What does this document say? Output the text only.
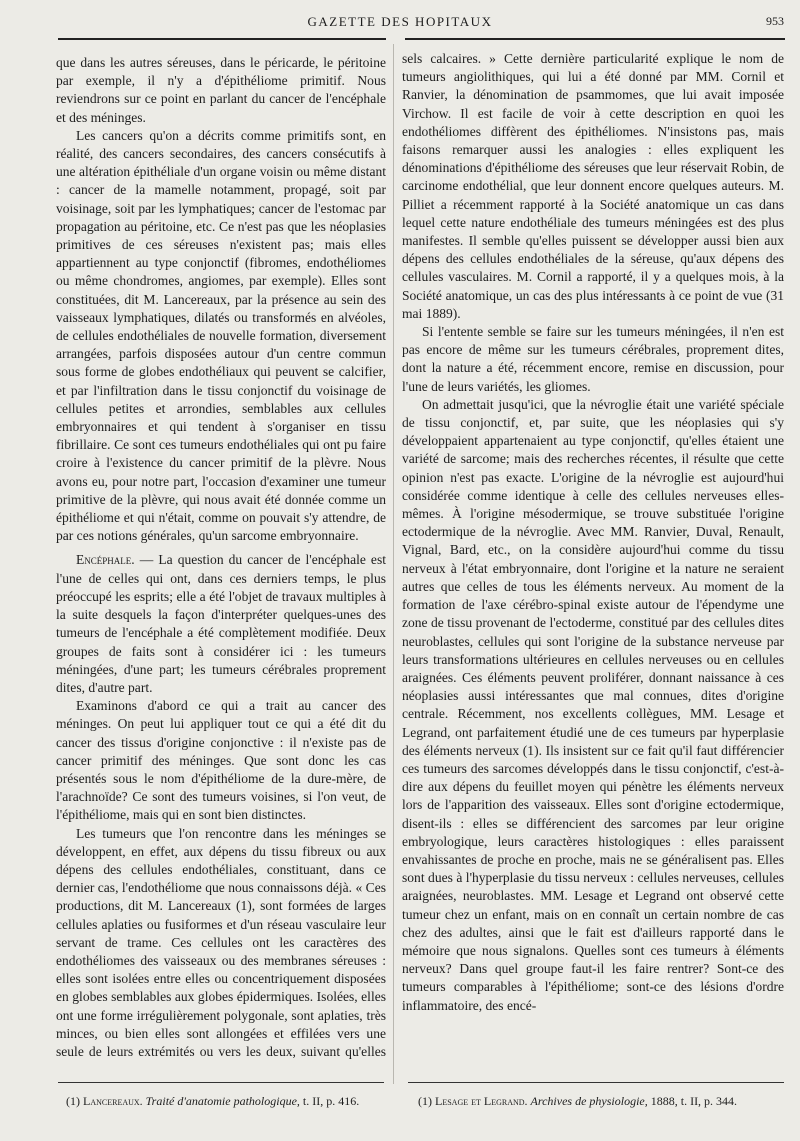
GAZETTE DES HOPITAUX	953

que dans les autres séreuses, dans le péricarde, le péritoine par exemple, il n'y a d'épithéliome primitif. Nous reviendrons sur ce point en parlant du cancer de l'encéphale et des méninges.

Les cancers qu'on a décrits comme primitifs sont, en réalité, des cancers secondaires, des cancers consécutifs à une altération épithéliale d'un organe voisin ou même distant : cancer de la mamelle notamment, propagé, soit par voisinage, soit par les lymphatiques; cancer de l'estomac par propagation au péritoine, etc. Ce n'est pas que les néoplasies primitives de ces séreuses n'existent pas; mais elles appartiennent au type conjonctif (fibromes, endothéliomes ou même chondromes, angiomes, par exemple). Elles sont constituées, dit M. Lancereaux, par la présence au sein des vaisseaux lymphatiques, dilatés ou transformés en alvéoles, de cellules endothéliales de nouvelle formation, diversement arrangées, parfois disposées autour d'un centre commun sous forme de globes endothéliaux qui peuvent se calcifier, et par l'infiltration dans le tissu conjonctif du voisinage de cellules petites et arrondies, semblables aux cellules embryonnaires et qui tendent à s'organiser en tissu fibrillaire. Ce sont ces tumeurs endothéliales qui ont pu faire croire à l'existence du cancer primitif de la plèvre. Nous avons eu, pour notre part, l'occasion d'examiner une tumeur primitive de la plèvre, qui nous avait été donnée comme un épithéliome et qui n'était, comme on pouvait s'y attendre, de par ces notions générales, qu'un sarcome embryonnaire.

Encéphale. — La question du cancer de l'encéphale est l'une de celles qui ont, dans ces derniers temps, le plus préoccupé les esprits; elle a été l'objet de travaux multiples à la suite desquels la façon d'interpréter quelques-unes des tumeurs de l'encéphale a été complètement modifiée. Deux groupes de faits sont à considérer ici : les tumeurs méningées, d'une part; les tumeurs cérébrales proprement dites, d'autre part.

Examinons d'abord ce qui a trait au cancer des méninges. On peut lui appliquer tout ce qui a été dit du cancer des tissus d'origine conjonctive : il n'existe pas de cancer primitif des méninges. Que sont donc les cas présentés sous le nom d'épithéliome de la dure-mère, de l'arachnoïde? Ce sont des tumeurs voisines, si l'on veut, de l'épithéliome, mais qui en sont bien distinctes.

Les tumeurs que l'on rencontre dans les méninges se développent, en effet, aux dépens du tissu fibreux ou aux dépens des cellules endothéliales, constituant, dans ce dernier cas, l'endothéliome que nous connaissons déjà. « Ces productions, dit M. Lancereaux (1), sont formées de larges cellules aplaties ou fusiformes et d'un réseau vasculaire leur servant de trame. Ces cellules ont les caractères des endothéliomes des vaisseaux ou des membranes séreuses : elles sont isolées entre elles ou concentriquement disposées en globes semblables aux globes épidermiques. Isolées, elles ont une forme irrégulièrement polygonale, sont aplaties, très minces, ou bien elles sont allongées et effilées vers une seule de leurs extrémités ou vers les deux, suivant qu'elles

sels calcaires. » Cette dernière particularité explique le nom de tumeurs angiolithiques, qui lui a été donné par MM. Cornil et Ranvier, la dénomination de psammomes, que lui avait imposée Virchow. Il est facile de voir à cette description en quoi les endothéliomes diffèrent des épithéliomes. N'insistons pas, mais faisons remarquer aussi les analogies : elles expliquent les dénominations d'épithéliome des séreuses que leur réservait Robin, de carcinome endothélial, que leur donnent encore quelques auteurs. M. Pilliet a récemment rapporté à la Société anatomique un cas dans lequel cette nature endothéliale des tumeurs méningées est des plus manifestes. Il semble qu'elles puissent se développer aussi bien aux dépens des cellules endothéliales de la séreuse, qu'aux dépens des cellules vasculaires. M. Cornil a rapporté, il y a quelques mois, à la Société anatomique, un cas des plus intéressants à ce point de vue (31 mai 1889).

Si l'entente semble se faire sur les tumeurs méningées, il n'en est pas encore de même sur les tumeurs cérébrales, proprement dites, dont la nature a été, récemment encore, remise en discussion, pour l'une de leurs variétés, les gliomes.

On admettait jusqu'ici, que la névroglie était une variété spéciale de tissu conjonctif, et, par suite, que les néoplasies qui s'y développaient appartenaient au type conjonctif, qu'elles étaient une variété de sarcome; mais des recherches récentes, il résulte que cette opinion n'est pas exacte. L'origine de la névroglie est aujourd'hui considérée comme identique à celle des cellules nerveuses elles-mêmes. À l'origine mésodermique, se trouve substituée l'origine ectodermique de la névroglie. Avec MM. Ranvier, Duval, Renault, Vignal, Bard, etc., on la considère aujourd'hui comme du tissu nerveux à l'état embryonnaire, dont l'origine et la nature ne seraient autres que celles de tous les éléments nerveux. Au moment de la formation de l'axe cérébro-spinal existe autour de l'épendyme une zone de tissu provenant de l'ectoderme, constitué par des cellules dites neuroblastes, cellules qui sont l'origine de la substance nerveuse par leurs transformations ultérieures en cellules nerveuses ou en cellules araignées. Ces éléments peuvent proliférer, donnant naissance à ces néoplasies aussi intéressantes que mal connues, dites d'origine centrale. Récemment, nos excellents collègues, MM. Lesage et Legrand, ont parfaitement étudié une de ces tumeurs par hyperplasie des éléments nerveux (1). Ils insistent sur ce fait qu'il faut différencier ces tumeurs des sarcomes développés dans le tissu conjonctif, c'est-à-dire aux dépens du feuillet moyen qui pénètre les éléments nerveux lors de l'apparition des vaisseaux. Elles sont d'origine ectodermique, disent-ils : elles se différencient des sarcomes par leur origine embryologique, leurs caractères histologiques : elles paraissent envahissantes de proche en proche, mais ne se généralisent pas. Elles sont dues à l'hyperplasie du tissu nerveux : cellules nerveuses, cellules araignées, neuroblastes. MM. Lesage et Legrand ont observé cette tumeur chez un enfant, mais on en connaît un certain nombre de cas chez des adultes, ainsi que le fait est d'ailleurs rapporté dans le mémoire que nous signalons. Quelles sont ces tumeurs à éléments nerveux? Dans quel groupe faut-il les faire rentrer? Sont-ce des tumeurs comparables à l'épithéliome; sont-ce des lésions d'ordre inflammatoire, des encé-

(1) Lancereaux. Traité d'anatomie pathologique, t. II, p. 416.	(1) Lesage et Legrand. Archives de physiologie, 1888, t. II, p. 344.
